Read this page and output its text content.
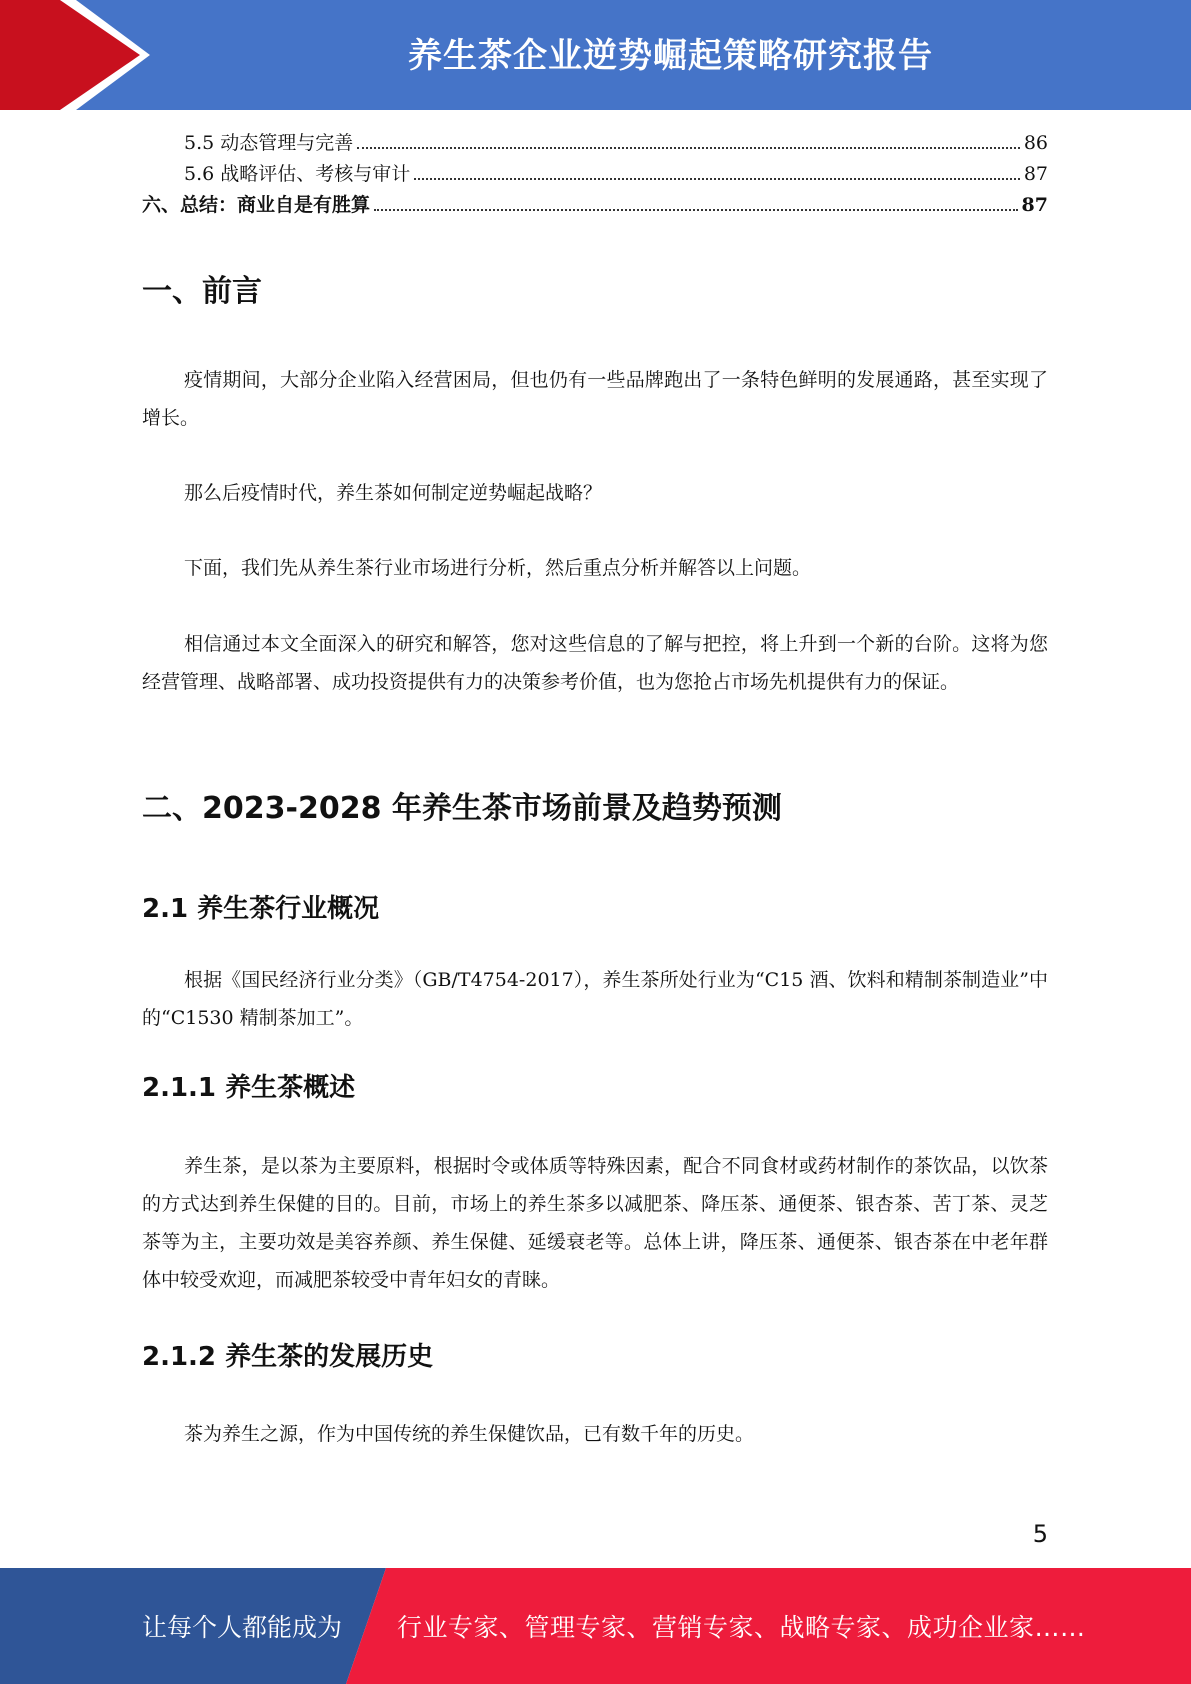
养生茶企业逆势崛起策略研究报告
5.5 动态管理与完善	86
5.6 战略评估、考核与审计	87
六、总结：商业自是有胜算	87
一、前言

疫情期间，大部分企业陷入经营困局，但也仍有一些品牌跑出了一条特色鲜明的发展通路，甚至实现了增长。

那么后疫情时代，养生茶如何制定逆势崛起战略？

下面，我们先从养生茶行业市场进行分析，然后重点分析并解答以上问题。

相信通过本文全面深入的研究和解答，您对这些信息的了解与把控，将上升到一个新的台阶。这将为您经营管理、战略部署、成功投资提供有力的决策参考价值，也为您抢占市场先机提供有力的保证。

二、2023-2028 年养生茶市场前景及趋势预测
2.1 养生茶行业概况

根据《国民经济行业分类》（GB/T4754-2017），养生茶所处行业为“C15 酒、饮料和精制茶制造业”中的“C1530 精制茶加工”。

2.1.1 养生茶概述

养生茶，是以茶为主要原料，根据时令或体质等特殊因素，配合不同食材或药材制作的茶饮品，以饮茶的方式达到养生保健的目的。目前，市场上的养生茶多以减肥茶、降压茶、通便茶、银杏茶、苦丁茶、灵芝茶等为主，主要功效是美容养颜、养生保健、延缓衰老等。总体上讲，降压茶、通便茶、银杏茶在中老年群体中较受欢迎，而减肥茶较受中青年妇女的青睐。

2.1.2 养生茶的发展历史

茶为养生之源，作为中国传统的养生保健饮品，已有数千年的历史。

5
让每个人都能成为 行业专家、管理专家、营销专家、战略专家、成功企业家……
